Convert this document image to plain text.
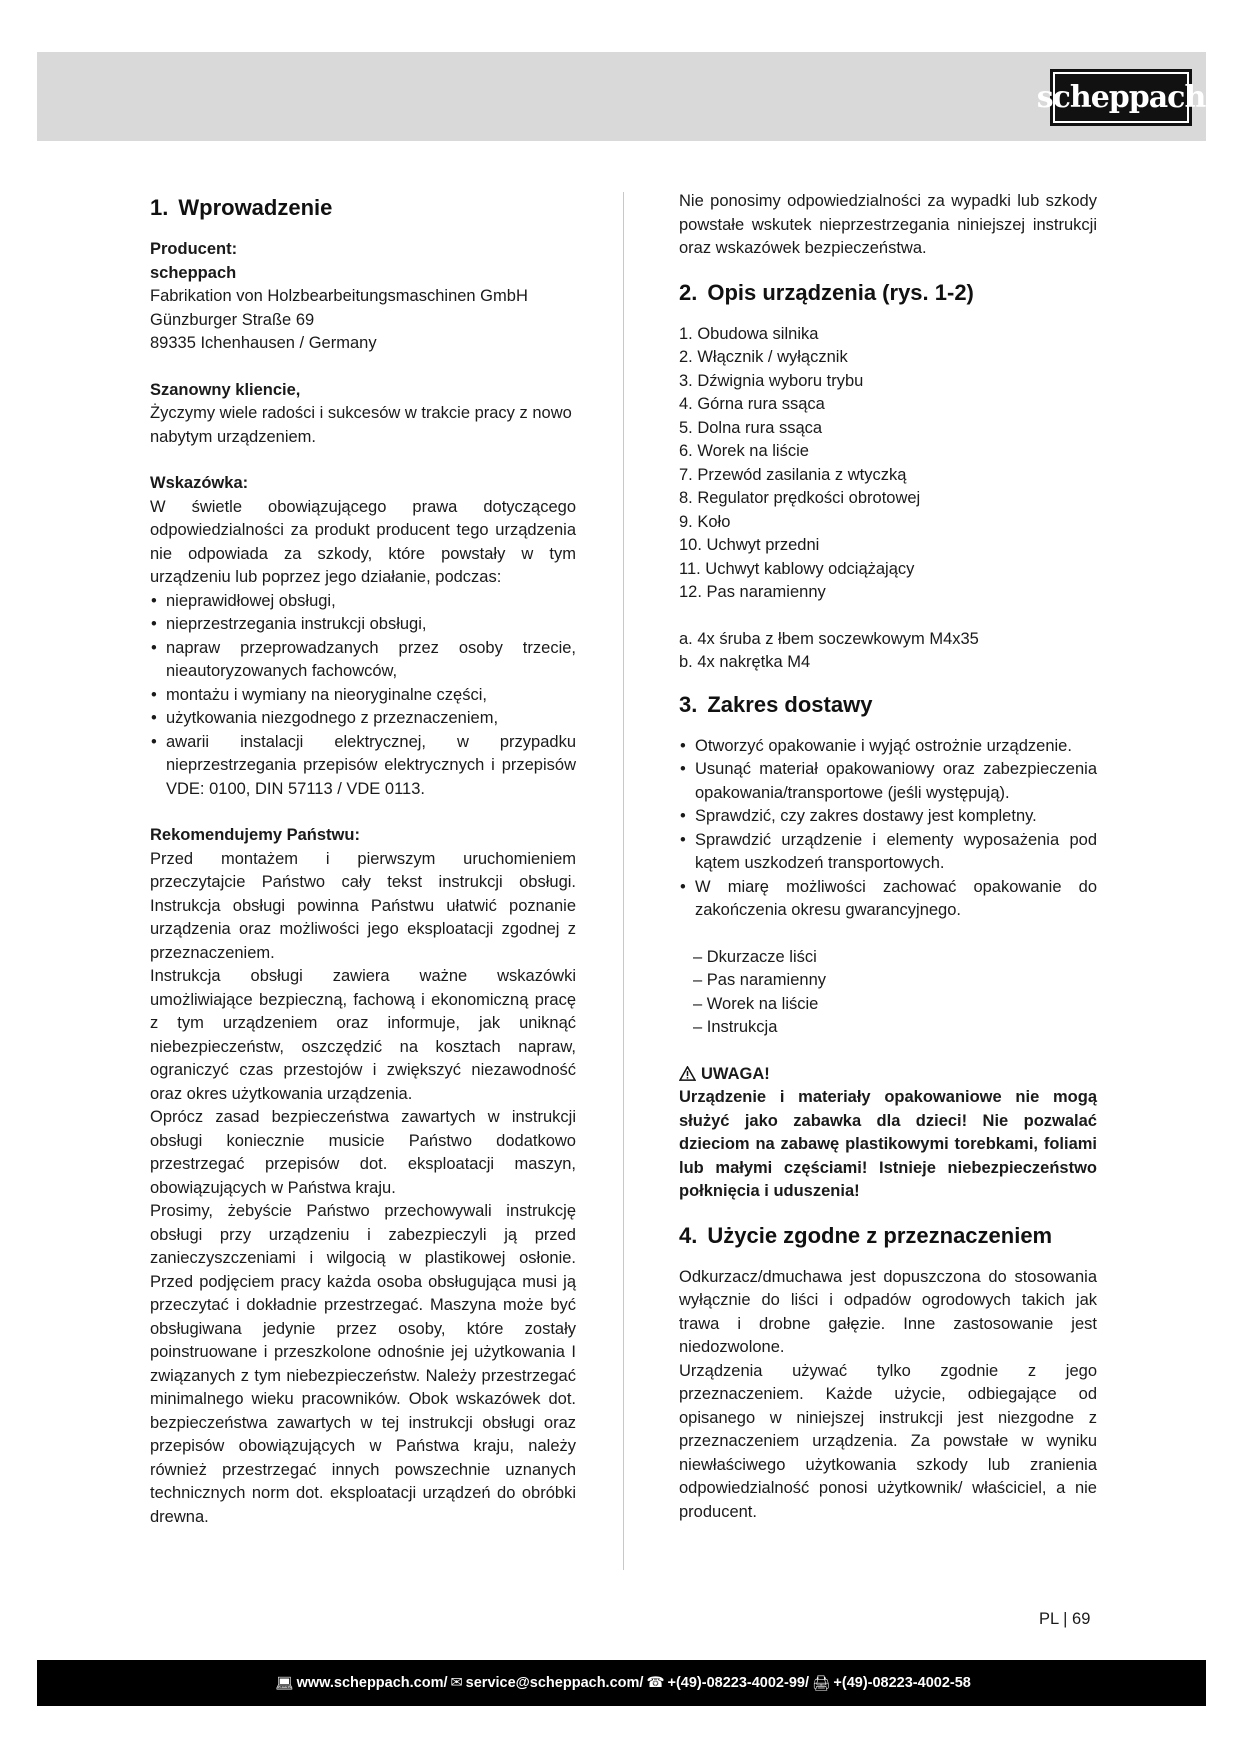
scheppach
1. Wprowadzenie

Producent:

scheppach

Fabrikation von Holzbearbeitungsmaschinen GmbH

Günzburger Straße 69

89335 Ichenhausen / Germany

Szanowny kliencie,

Życzymy wiele radości i sukcesów w trakcie pracy z nowo nabytym urządzeniem.

Wskazówka:

W świetle obowiązującego prawa dotyczącego odpowiedzialności za produkt producent tego urządzenia nie odpowiada za szkody, które powstały w tym urządzeniu lub poprzez jego działanie, podczas:

• nieprawidłowej obsługi,
• nieprzestrzegania instrukcji obsługi,
• napraw przeprowadzanych przez osoby trzecie, nieautoryzowanych fachowców,
• montażu i wymiany na nieoryginalne części,
• użytkowania niezgodnego z przeznaczeniem,
• awarii instalacji elektrycznej, w przypadku nieprzestrzegania przepisów elektrycznych i przepisów VDE: 0100, DIN 57113 / VDE 0113.

Rekomendujemy Państwu:

Przed montażem i pierwszym uruchomieniem przeczytajcie Państwo cały tekst instrukcji obsługi. Instrukcja obsługi powinna Państwu ułatwić poznanie urządzenia oraz możliwości jego eksploatacji zgodnej z przeznaczeniem.

Instrukcja obsługi zawiera ważne wskazówki umożliwiające bezpieczną, fachową i ekonomiczną pracę z tym urządzeniem oraz informuje, jak uniknąć niebezpieczeństw, oszczędzić na kosztach napraw, ograniczyć czas przestojów i zwiększyć niezawodność oraz okres użytkowania urządzenia.

Oprócz zasad bezpieczeństwa zawartych w instrukcji obsługi koniecznie musicie Państwo dodatkowo przestrzegać przepisów dot. eksploatacji maszyn, obowiązujących w Państwa kraju.

Prosimy, żebyście Państwo przechowywali instrukcję obsługi przy urządzeniu i zabezpieczyli ją przed zanieczyszczeniami i wilgocią w plastikowej osłonie. Przed podjęciem pracy każda osoba obsługująca musi ją przeczytać i dokładnie przestrzegać. Maszyna może być obsługiwana jedynie przez osoby, które zostały poinstruowane i przeszkolone odnośnie jej użytkowania I związanych z tym niebezpieczeństw. Należy przestrzegać minimalnego wieku pracowników. Obok wskazówek dot. bezpieczeństwa zawartych w tej instrukcji obsługi oraz przepisów obowiązujących w Państwa kraju, należy również przestrzegać innych powszechnie uznanych technicznych norm dot. eksploatacji urządzeń do obróbki drewna.

Nie ponosimy odpowiedzialności za wypadki lub szkody powstałe wskutek nieprzestrzegania niniejszej instrukcji oraz wskazówek bezpieczeństwa.

2. Opis urządzenia (rys. 1-2)
1. Obudowa silnika
2. Włącznik / wyłącznik
3. Dźwignia wyboru trybu
4. Górna rura ssąca
5. Dolna rura ssąca
6. Worek na liście
7. Przewód zasilania z wtyczką
8. Regulator prędkości obrotowej
9. Koło
10. Uchwyt przedni
11. Uchwyt kablowy odciążający
12. Pas naramienny
a. 4x śruba z łbem soczewkowym M4x35
b. 4x nakrętka M4
3. Zakres dostawy
• Otworzyć opakowanie i wyjąć ostrożnie urządzenie.
• Usunąć materiał opakowaniowy oraz zabezpieczenia opakowania/transportowe (jeśli występują).
• Sprawdzić, czy zakres dostawy jest kompletny.
• Sprawdzić urządzenie i elementy wyposażenia pod kątem uszkodzeń transportowych.
• W miarę możliwości zachować opakowanie do zakończenia okresu gwarancyjnego.
– Dkurzacze liści
– Pas naramienny
– Worek na liście
– Instrukcja

UWAGA!

Urządzenie i materiały opakowaniowe nie mogą służyć jako zabawka dla dzieci! Nie pozwalać dzieciom na zabawę plastikowymi torebkami, foliami lub małymi częściami! Istnieje niebezpieczeństwo połknięcia i uduszenia!

4. Użycie zgodne z przeznaczeniem

Odkurzacz/dmuchawa jest dopuszczona do stosowania wyłącznie do liści i odpadów ogrodowych takich jak trawa i drobne gałęzie. Inne zastosowanie jest niedozwolone.

Urządzenia używać tylko zgodnie z jego przeznaczeniem. Każde użycie, odbiegające od opisanego w niniejszej instrukcji jest niezgodne z przeznaczeniem urządzenia. Za powstałe w wyniku niewłaściwego użytkowania szkody lub zranienia odpowiedzialność ponosi użytkownik/ właściciel, a nie producent.

PL | 69
💻︎ www.scheppach.com / ✉ service@scheppach.com / ☎ +(49)-08223-4002-99 / 🖨︎ +(49)-08223-4002-58
